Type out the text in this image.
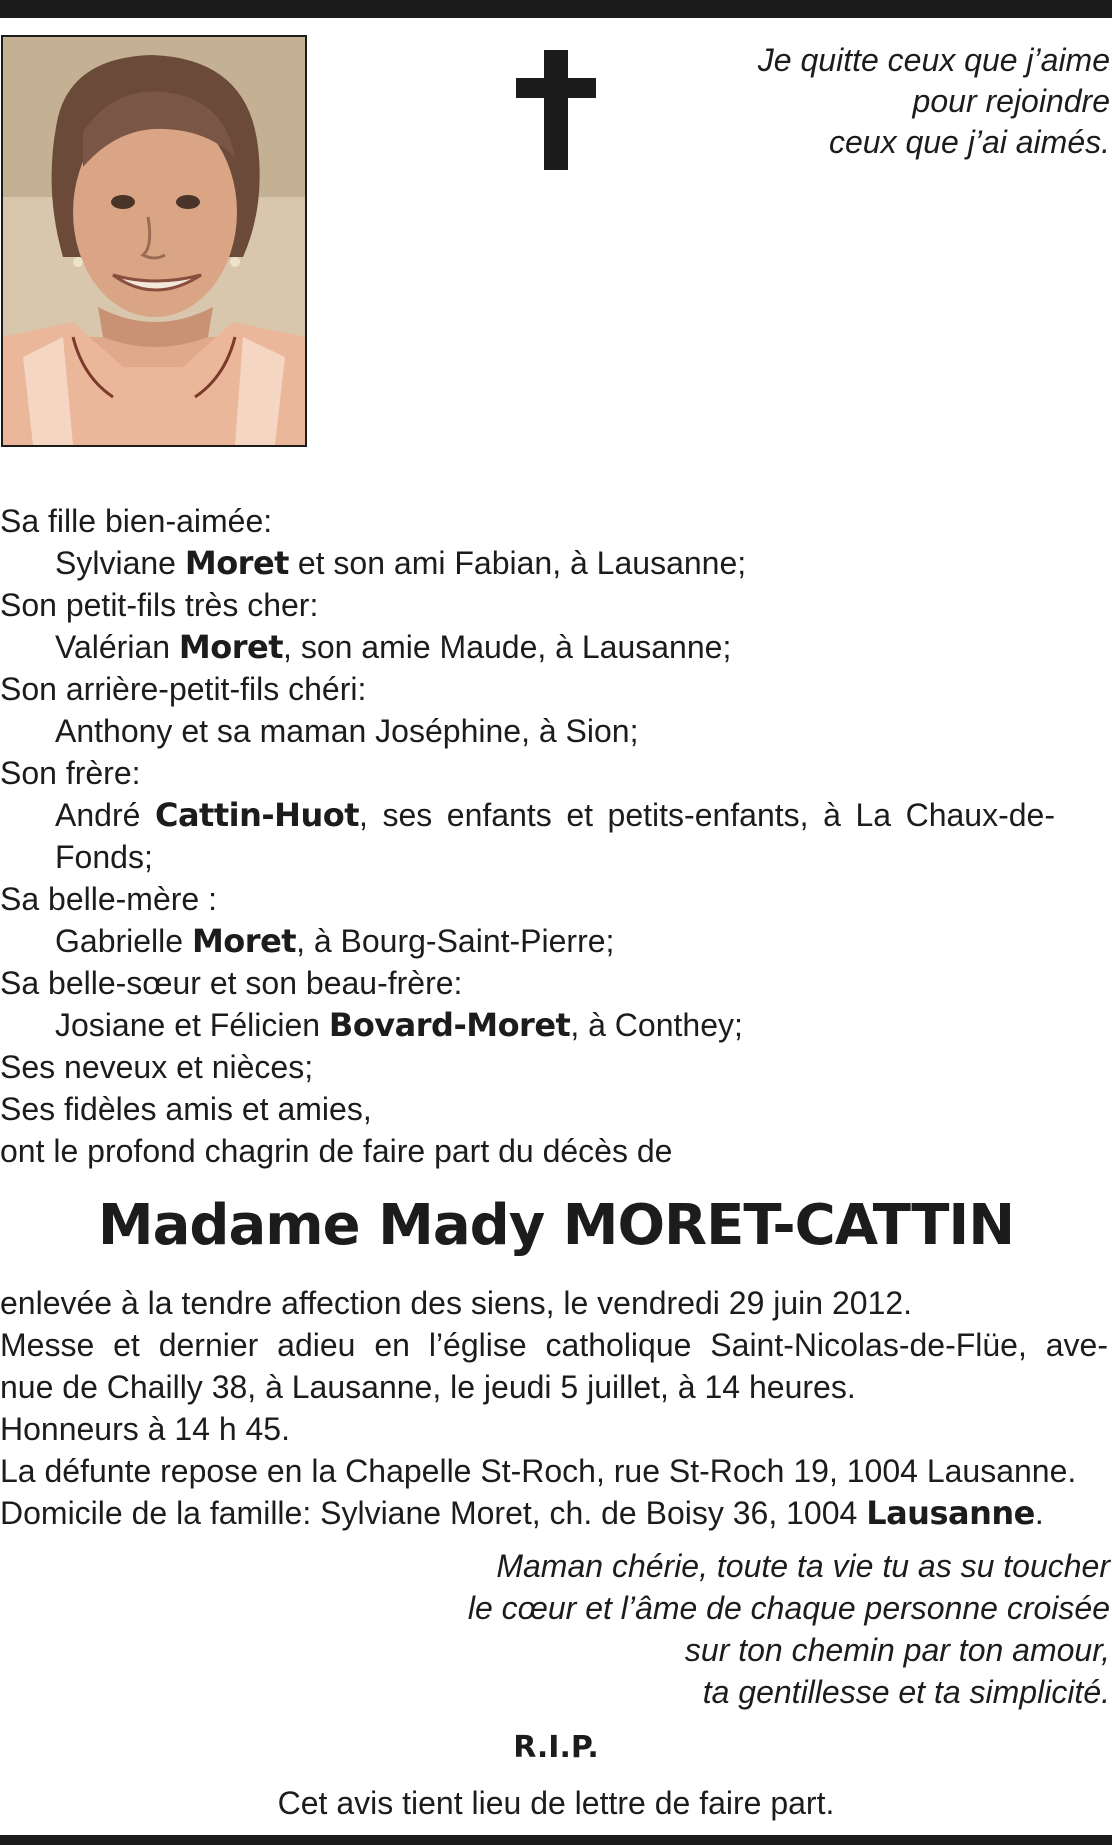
Je quitte ceux que j’aime
pour rejoindre
ceux que j’ai aimés.
Sa fille bien-aimée:
Sylviane Moret et son ami Fabian, à Lausanne;
Son petit-fils très cher:
Valérian Moret, son amie Maude, à Lausanne;
Son arrière-petit-fils chéri:
Anthony et sa maman Joséphine, à Sion;
Son frère:
André Cattin-Huot, ses enfants et petits-enfants, à La Chaux-de-Fonds;
Sa belle-mère :
Gabrielle Moret, à Bourg-Saint-Pierre;
Sa belle-sœur et son beau-frère:
Josiane et Félicien Bovard-Moret, à Conthey;
Ses neveux et nièces;
Ses fidèles amis et amies,
ont le profond chagrin de faire part du décès de
Madame Mady MORET-CATTIN
enlevée à la tendre affection des siens, le vendredi 29 juin 2012.
Messe et dernier adieu en l’église catholique Saint-Nicolas-de-Flüe, ave-
nue de Chailly 38, à Lausanne, le jeudi 5 juillet, à 14 heures.
Honneurs à 14 h 45.
La défunte repose en la Chapelle St-Roch, rue St-Roch 19, 1004 Lausanne.
Domicile de la famille: Sylviane Moret, ch. de Boisy 36, 1004 Lausanne.
Maman chérie, toute ta vie tu as su toucher
le cœur et l’âme de chaque personne croisée
sur ton chemin par ton amour,
ta gentillesse et ta simplicité.
R.I.P.
Cet avis tient lieu de lettre de faire part.
